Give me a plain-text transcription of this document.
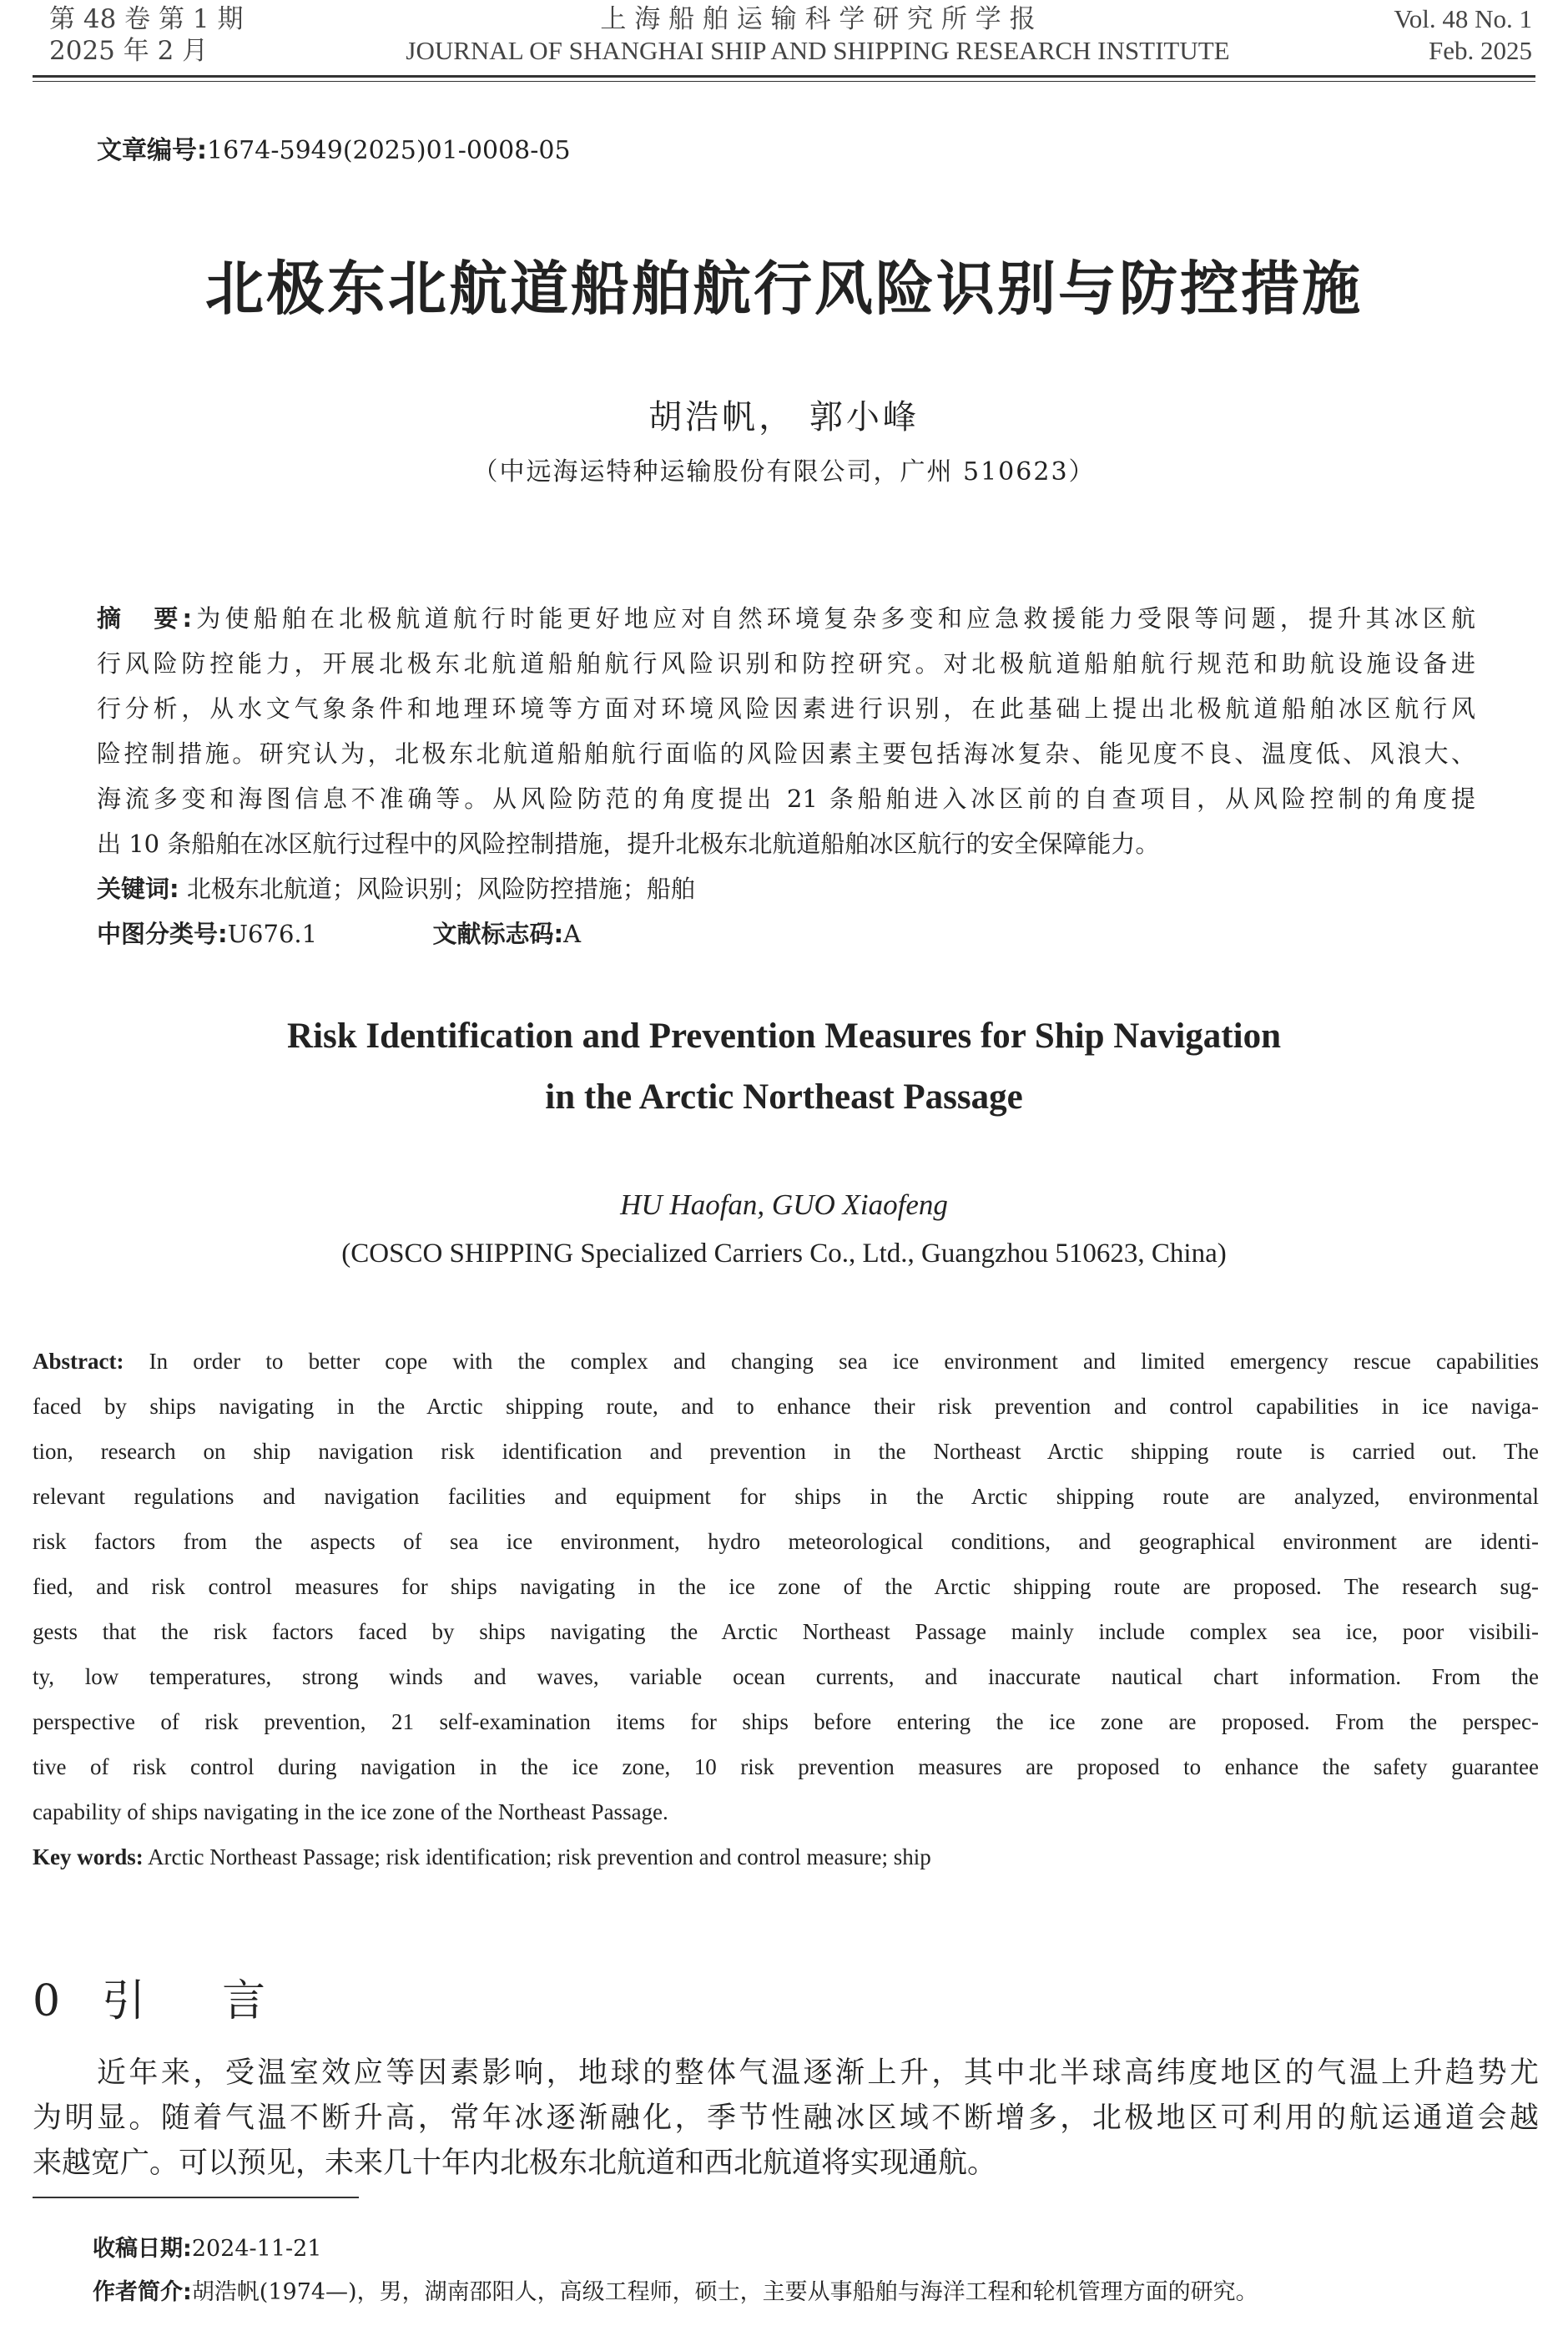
第 48 卷 第 1 期
2025 年 2 月
上 海 船 舶 运 输 科 学 研 究 所 学 报
JOURNAL OF SHANGHAI SHIP AND SHIPPING RESEARCH INSTITUTE
Vol. 48 No. 1
Feb. 2025
文章编号:1674-5949(2025)01-0008-05
北极东北航道船舶航行风险识别与防控措施
胡浩帆， 郭小峰
（中远海运特种运输股份有限公司，广州 510623）
摘　要:为使船舶在北极航道航行时能更好地应对自然环境复杂多变和应急救援能力受限等问题，提升其冰区航
行风险防控能力，开展北极东北航道船舶航行风险识别和防控研究。对北极航道船舶航行规范和助航设施设备进
行分析，从水文气象条件和地理环境等方面对环境风险因素进行识别，在此基础上提出北极航道船舶冰区航行风
险控制措施。研究认为，北极东北航道船舶航行面临的风险因素主要包括海冰复杂、能见度不良、温度低、风浪大、
海流多变和海图信息不准确等。从风险防范的角度提出 21 条船舶进入冰区前的自查项目，从风险控制的角度提
出 10 条船舶在冰区航行过程中的风险控制措施，提升北极东北航道船舶冰区航行的安全保障能力。
关键词: 北极东北航道；风险识别；风险防控措施；船舶
中图分类号:U676.1	文献标志码:A
Risk Identification and Prevention Measures for Ship Navigation
in the Arctic Northeast Passage
HU Haofan, GUO Xiaofeng
(COSCO SHIPPING Specialized Carriers Co., Ltd., Guangzhou 510623, China)
Abstract: In order to better cope with the complex and changing sea ice environment and limited emergency rescue capabilities
faced by ships navigating in the Arctic shipping route, and to enhance their risk prevention and control capabilities in ice naviga-
tion, research on ship navigation risk identification and prevention in the Northeast Arctic shipping route is carried out. The
relevant regulations and navigation facilities and equipment for ships in the Arctic shipping route are analyzed, environmental
risk factors from the aspects of sea ice environment, hydro meteorological conditions, and geographical environment are identi-
fied, and risk control measures for ships navigating in the ice zone of the Arctic shipping route are proposed. The research sug-
gests that the risk factors faced by ships navigating the Arctic Northeast Passage mainly include complex sea ice, poor visibili-
ty, low temperatures, strong winds and waves, variable ocean currents, and inaccurate nautical chart information. From the
perspective of risk prevention, 21 self-examination items for ships before entering the ice zone are proposed. From the perspec-
tive of risk control during navigation in the ice zone, 10 risk prevention measures are proposed to enhance the safety guarantee
capability of ships navigating in the ice zone of the Northeast Passage.
Key words: Arctic Northeast Passage; risk identification; risk prevention and control measure; ship
0 引　言
　　近年来，受温室效应等因素影响，地球的整体气温逐渐上升，其中北半球高纬度地区的气温上升趋势尤
为明显。随着气温不断升高，常年冰逐渐融化，季节性融冰区域不断增多，北极地区可利用的航运通道会越
来越宽广。可以预见，未来几十年内北极东北航道和西北航道将实现通航。
收稿日期:2024-11-21
作者简介:胡浩帆(1974—)，男，湖南邵阳人，高级工程师，硕士，主要从事船舶与海洋工程和轮机管理方面的研究。
